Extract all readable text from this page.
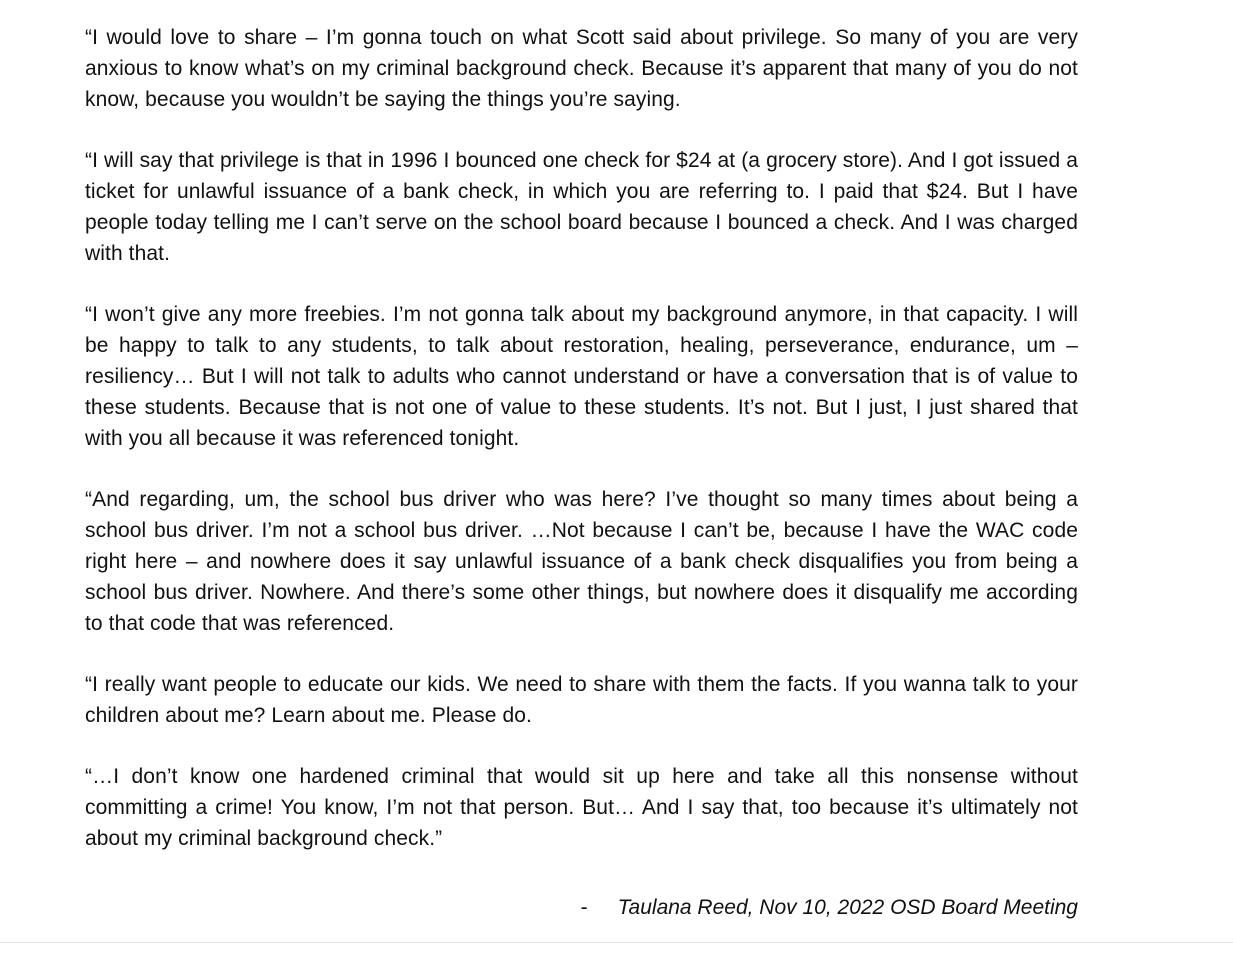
“I would love to share – I’m gonna touch on what Scott said about privilege. So many of you are very anxious to know what’s on my criminal background check. Because it’s apparent that many of you do not know, because you wouldn’t be saying the things you’re saying.

“I will say that privilege is that in 1996 I bounced one check for $24 at (a grocery store). And I got issued a ticket for unlawful issuance of a bank check, in which you are referring to. I paid that $24. But I have people today telling me I can’t serve on the school board because I bounced a check. And I was charged with that.

“I won’t give any more freebies. I’m not gonna talk about my background anymore, in that capacity. I will be happy to talk to any students, to talk about restoration, healing, perseverance, endurance, um – resiliency… But I will not talk to adults who cannot understand or have a conversation that is of value to these students. Because that is not one of value to these students. It’s not. But I just, I just shared that with you all because it was referenced tonight.

“And regarding, um, the school bus driver who was here? I’ve thought so many times about being a school bus driver. I’m not a school bus driver. …Not because I can’t be, because I have the WAC code right here – and nowhere does it say unlawful issuance of a bank check disqualifies you from being a school bus driver. Nowhere. And there’s some other things, but nowhere does it disqualify me according to that code that was referenced.

“I really want people to educate our kids. We need to share with them the facts. If you wanna talk to your children about me? Learn about me. Please do.

“…I don’t know one hardened criminal that would sit up here and take all this nonsense without committing a crime! You know, I’m not that person. But… And I say that, too because it’s ultimately not about my criminal background check.”

- Taulana Reed, Nov 10, 2022 OSD Board Meeting
